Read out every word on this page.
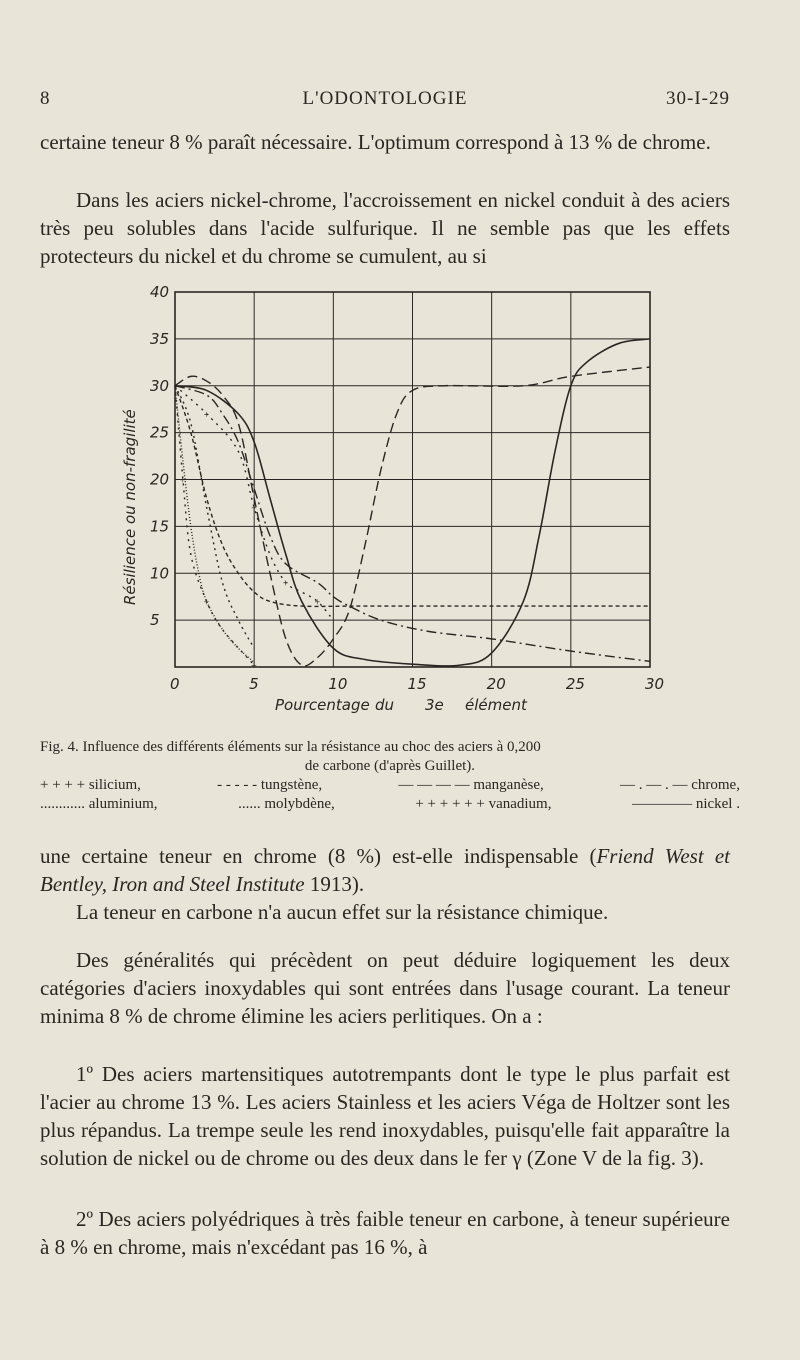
8	L'ODONTOLOGIE	30-I-29

certaine teneur 8 % paraît nécessaire. L'optimum correspond à 13 % de chrome.

Dans les aciers nickel-chrome, l'accroissement en nickel conduit à des aciers très peu solubles dans l'acide sulfurique. Il ne semble pas que les effets protecteurs du nickel et du chrome se cumulent, au si

+
+
+
+
+
+
+
5
10
15
20
25
30
35
40
0	5	10	15	20	25	30
Pourcentage du 3e élément
Résilience ou non-fragilité
Fig. 4. Influence des différents éléments sur la résistance au choc des aciers à 0,200
de carbone (d'après Guillet).
+ + + + silicium,	- - - - - tungstène,	— — — — manganèse,	— . — . — chrome,
............ aluminium,	...... molybdène,	+ + + + + + vanadium,	———— nickel .

une certaine teneur en chrome (8 %) est-elle indispensable (Friend West et Bentley, Iron and Steel Institute 1913).

La teneur en carbone n'a aucun effet sur la résistance chimique.

Des généralités qui précèdent on peut déduire logiquement les deux catégories d'aciers inoxydables qui sont entrées dans l'usage courant. La teneur minima 8 % de chrome élimine les aciers perlitiques. On a :

1º Des aciers martensitiques autotrempants dont le type le plus parfait est l'acier au chrome 13 %. Les aciers Stainless et les aciers Véga de Holtzer sont les plus répandus. La trempe seule les rend inoxydables, puisqu'elle fait apparaître la solution de nickel ou de chrome ou des deux dans le fer γ (Zone V de la fig. 3).

2º Des aciers polyédriques à très faible teneur en carbone, à teneur supérieure à 8 % en chrome, mais n'excédant pas 16 %, à
